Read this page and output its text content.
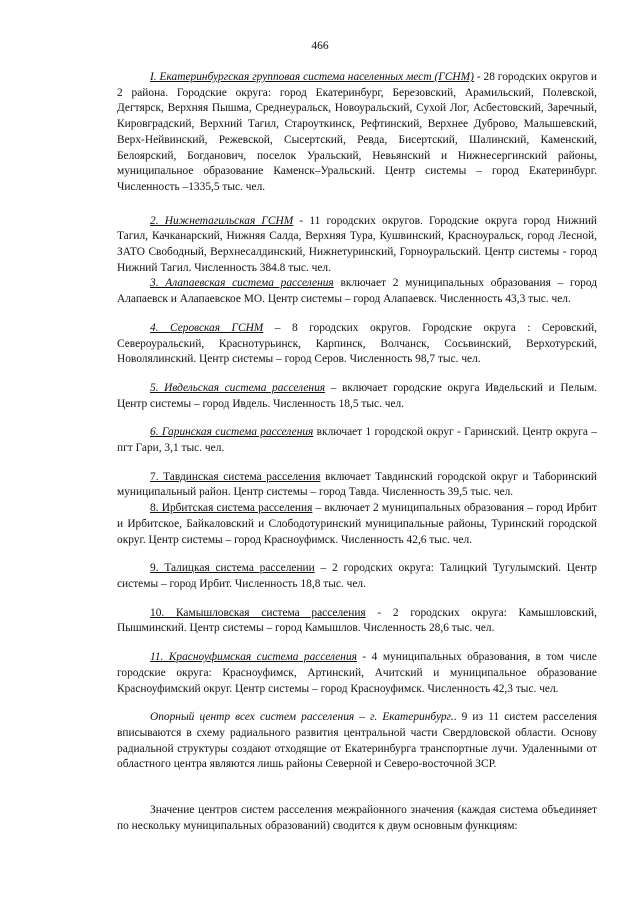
466

I. Екатеринбургская групповая система населенных мест (ГСНМ) - 28 городских округов и 2 района. Городские округа: город Екатеринбург, Березовский, Арамильский, Полевской, Дегтярск, Верхняя Пышма, Среднеуральск, Новоуральский, Сухой Лог, Асбестовский, Заречный, Кировградский, Верхний Тагил, Староуткинск, Рефтинский, Верхнее Дуброво, Малышевский, Верх-Нейвинский, Режевской, Сысертский, Ревда, Бисертский, Шалинский, Каменский, Белоярский, Богданович, поселок Уральский, Невьянский и Нижнесергинский районы, муниципальное образование Каменск–Уральский. Центр системы – город Екатеринбург. Численность –1335,5 тыс. чел.

2. Нижнетагильская ГСНМ - 11 городских округов. Городские округа город Нижний Тагил, Качканарский, Нижняя Салда, Верхняя Тура, Кушвинский, Красноуральск, город Лесной, ЗАТО Свободный, Верхнесалдинский, Нижнетуринский, Горноуральский. Центр системы - город Нижний Тагил. Численность 384.8 тыс. чел.

3. Алапаевская система расселения включает 2 муниципальных образования – город Алапаевск и Алапаевское МО. Центр системы – город Алапаевск. Численность 43,3 тыс. чел.

4. Серовская ГСНМ – 8 городских округов. Городские округа : Серовский, Североуральский, Краснотурьинск, Карпинск, Волчанск, Сосьвинский, Верхотурский, Новолялинский. Центр системы – город Серов. Численность 98,7 тыс. чел.

5. Ивдельская система расселения – включает городские округа Ивдельский и Пелым. Центр системы – город Ивдель. Численность 18,5 тыс. чел.

6. Гаринская система расселения включает 1 городской округ - Гаринский. Центр округа – пгт Гари, 3,1 тыс. чел.

7. Тавдинская система расселения включает Тавдинский городской округ и Таборинский муниципальный район. Центр системы – город Тавда. Численность 39,5 тыс. чел.

8. Ирбитская система расселения – включает 2 муниципальных образования – город Ирбит и Ирбитское, Байкаловский и Слободотуринский муниципальные районы, Туринский городской округ. Центр системы – город Красноуфимск. Численность 42,6 тыс. чел.

9. Талицкая система расселении – 2 городских округа: Талицкий Тугулымский. Центр системы – город Ирбит. Численность 18,8 тыс. чел.

10. Камышловская система расселения - 2 городских округа: Камышловский, Пышминский. Центр системы – город Камышлов. Численность 28,6 тыс. чел.

11. Красноуфимская система расселения - 4 муниципальных образования, в том числе городские округа: Красноуфимск, Артинский, Ачитский и муниципальное образование Красноуфимский округ. Центр системы – город Красноуфимск. Численность 42,3 тыс. чел.

Опорный центр всех систем расселения – г. Екатеринбург.. 9 из 11 систем расселения вписываются в схему радиального развития центральной части Свердловской области. Основу радиальной структуры создают отходящие от Екатеринбурга транспортные лучи. Удаленными от областного центра являются лишь районы Северной и Северо-восточной ЗСР.

Значение центров систем расселения межрайонного значения (каждая система объединяет по нескольку муниципальных образований) сводится к двум основным функциям:
